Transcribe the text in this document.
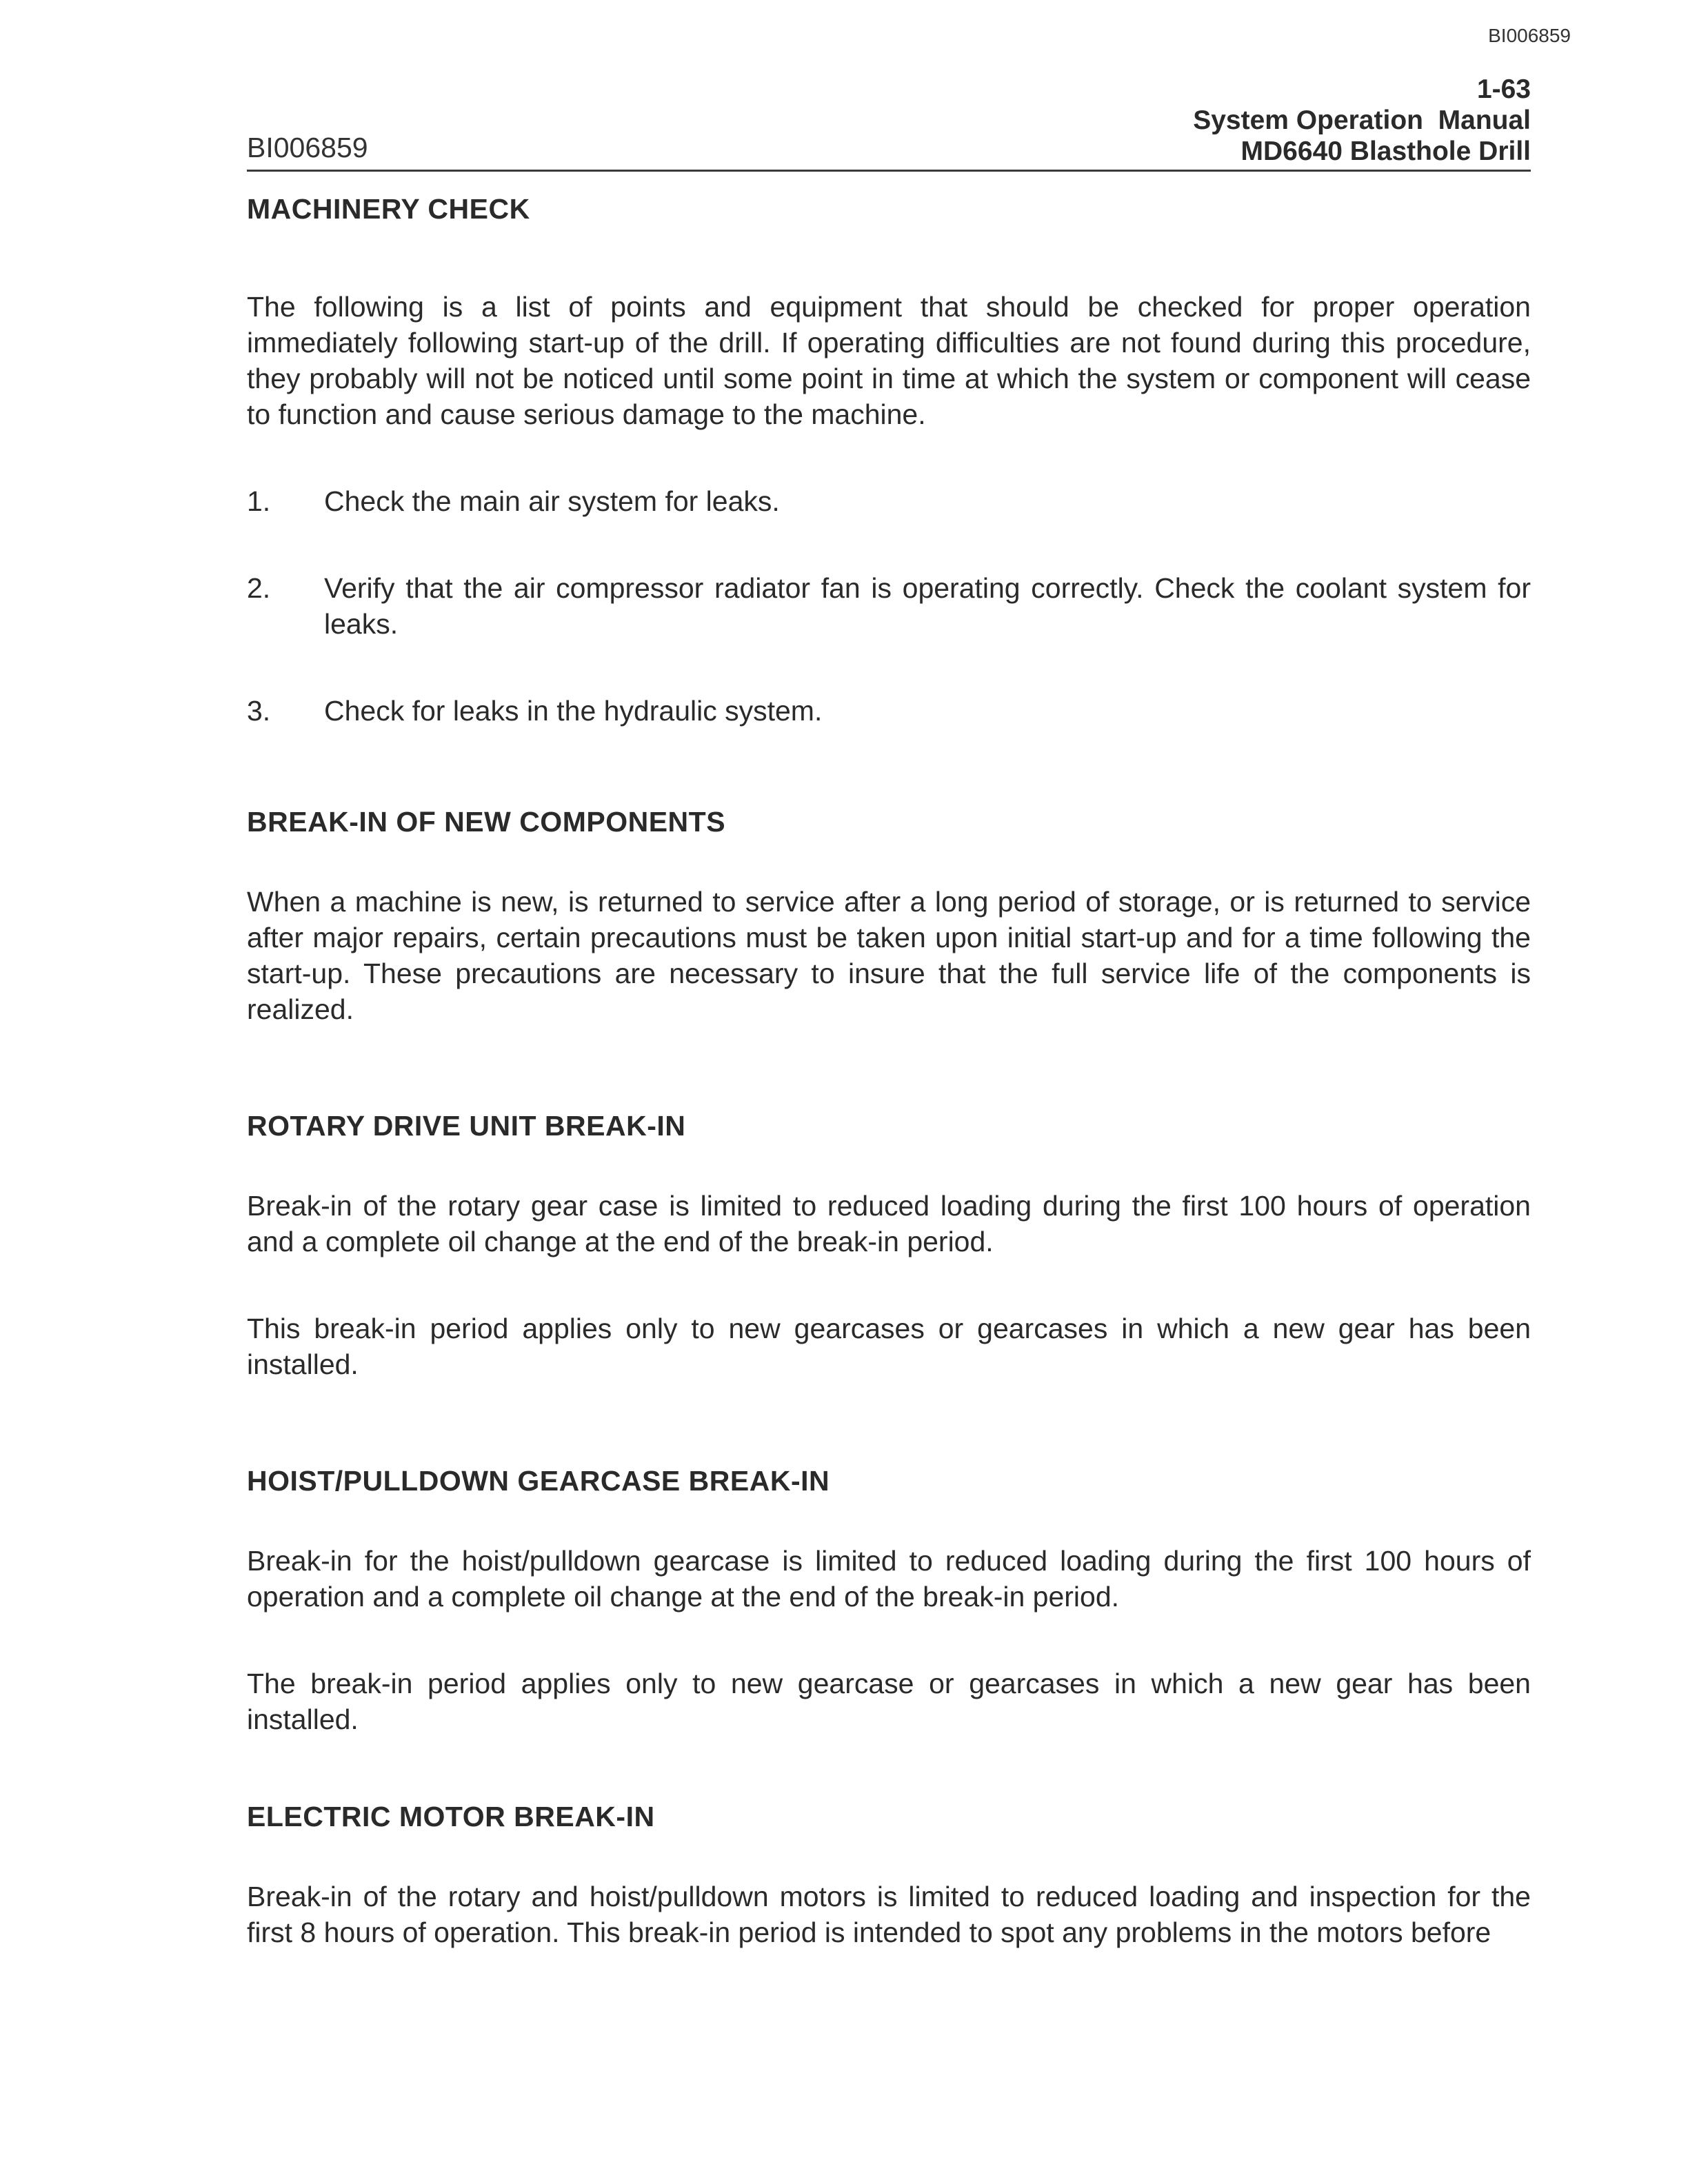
BI006859
BI006859
1-63
System Operation  Manual
MD6640 Blasthole Drill
MACHINERY CHECK

The following is a list of points and equipment that should be checked for proper operation immediately following start-up of the drill. If operating difficulties are not found during this procedure, they probably will not be noticed until some point in time at which the system or component will cease to function and cause serious damage to the machine.

1. Check the main air system for leaks.
2. Verify that the air compressor radiator fan is operating correctly. Check the coolant system for leaks.
3. Check for leaks in the hydraulic system.
BREAK-IN OF NEW COMPONENTS

When a machine is new, is returned to service after a long period of storage, or is returned to service after major repairs, certain precautions must be taken upon initial start-up and for a time following the start-up. These precautions are necessary to insure that the full service life of the components is realized.

ROTARY DRIVE UNIT BREAK-IN

Break-in of the rotary gear case is limited to reduced loading during the first 100 hours of operation and a complete oil change at the end of the break-in period.

This break-in period applies only to new gearcases or gearcases in which a new gear has been installed.

HOIST/PULLDOWN GEARCASE BREAK-IN

Break-in for the hoist/pulldown gearcase is limited to reduced loading during the first 100 hours of operation and a complete oil change at the end of the break-in period.

The break-in period applies only to new gearcase or gearcases in which a new gear has been installed.

ELECTRIC MOTOR BREAK-IN

Break-in of the rotary and hoist/pulldown motors is limited to reduced loading and inspection for the first 8 hours of operation. This break-in period is intended to spot any problems in the motors before
